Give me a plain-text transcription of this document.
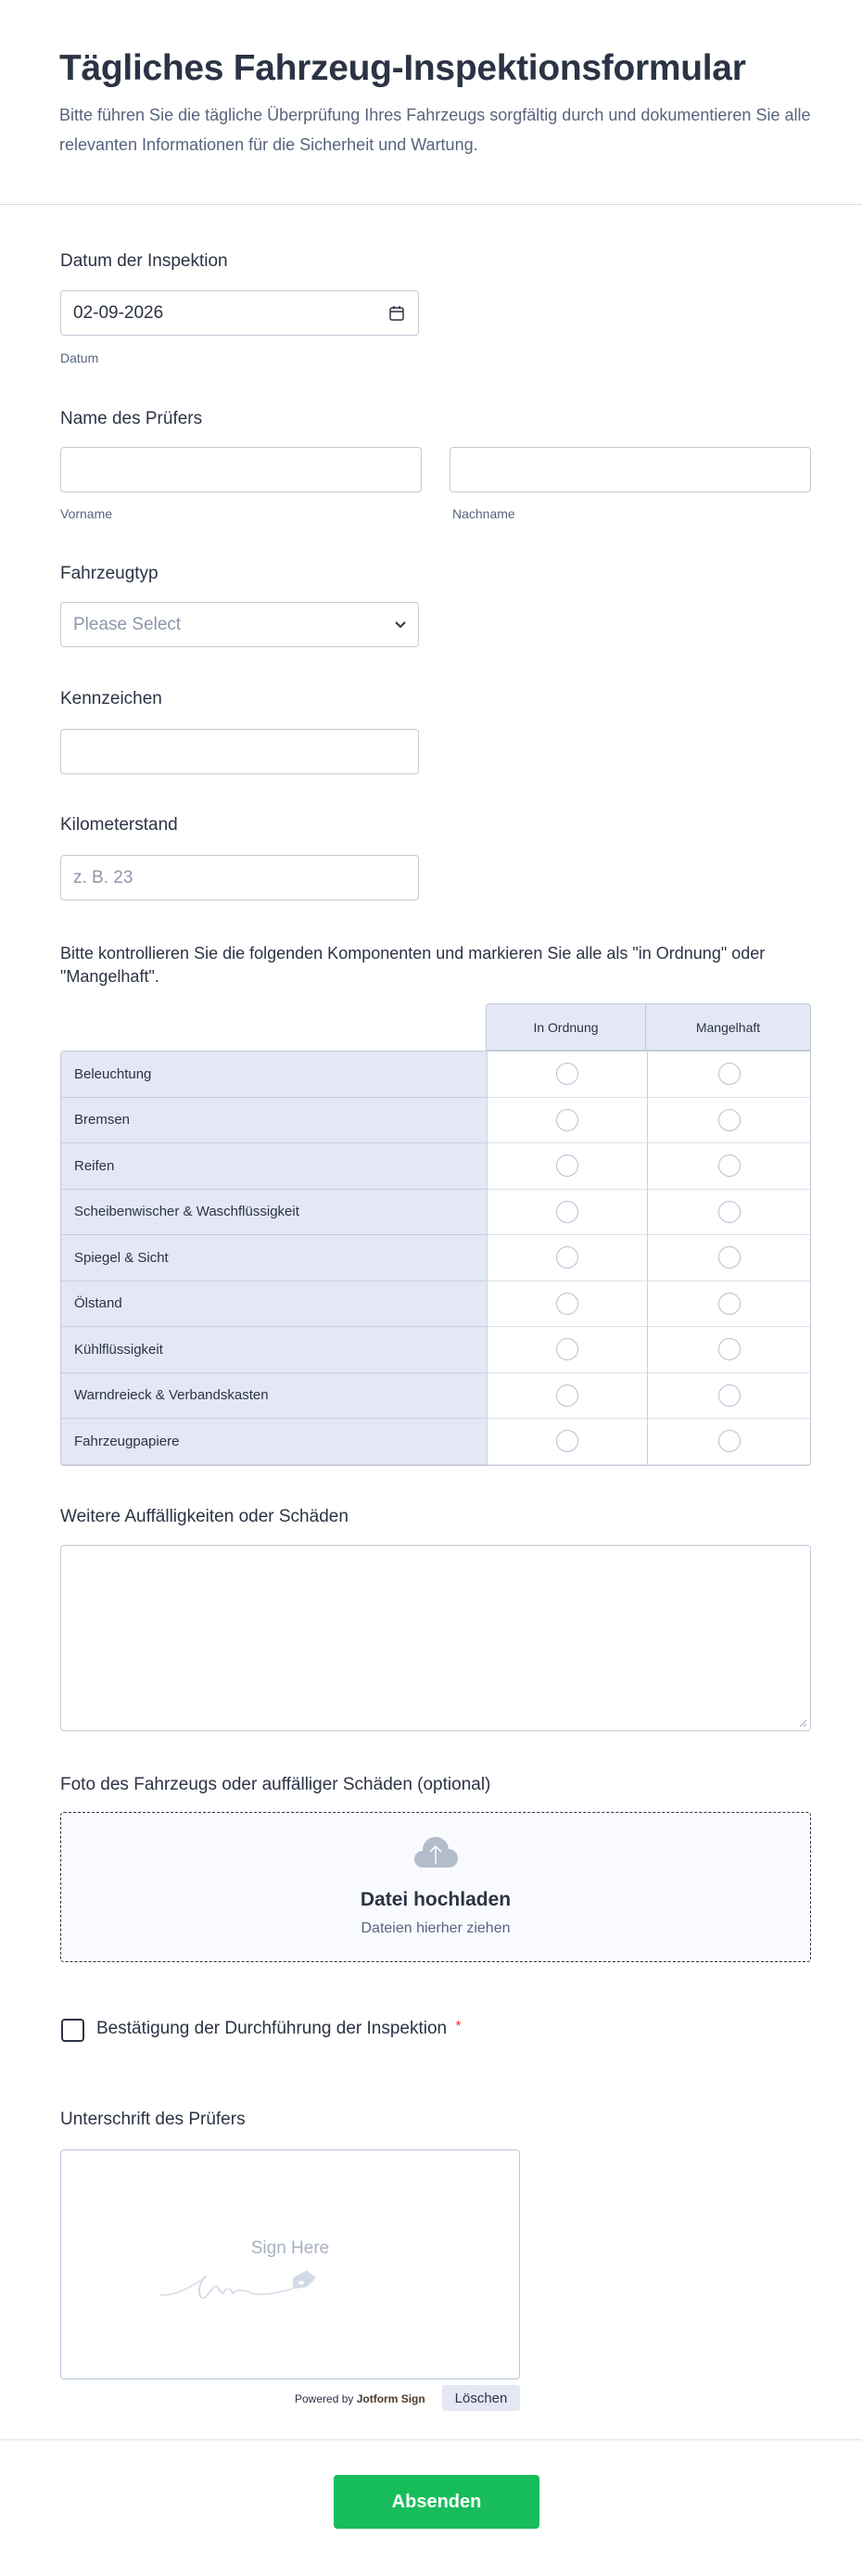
Tägliches Fahrzeug-Inspektionsformular
Bitte führen Sie die tägliche Überprüfung Ihres Fahrzeugs sorgfältig durch und dokumentieren Sie alle relevanten Informationen für die Sicherheit und Wartung.
Datum der Inspektion
02-09-2026
Datum
Name des Prüfers
Vorname	Nachname
Fahrzeugtyp
Please Select
Kennzeichen
Kilometerstand
z. B. 23
Bitte kontrollieren Sie die folgenden Komponenten und markieren Sie alle als "in Ordnung" oder "Mangelhaft".
In Ordnung	Mangelhaft
Beleuchtung
Bremsen
Reifen
Scheibenwischer & Waschflüssigkeit
Spiegel & Sicht
Ölstand
Kühlflüssigkeit
Warndreieck & Verbandskasten
Fahrzeugpapiere
Weitere Auffälligkeiten oder Schäden
Foto des Fahrzeugs oder auffälliger Schäden (optional)
Datei hochladen
Dateien hierher ziehen
Bestätigung der Durchführung der Inspektion *
Unterschrift des Prüfers
Sign Here
Powered by Jotform Sign	Löschen
Absenden
